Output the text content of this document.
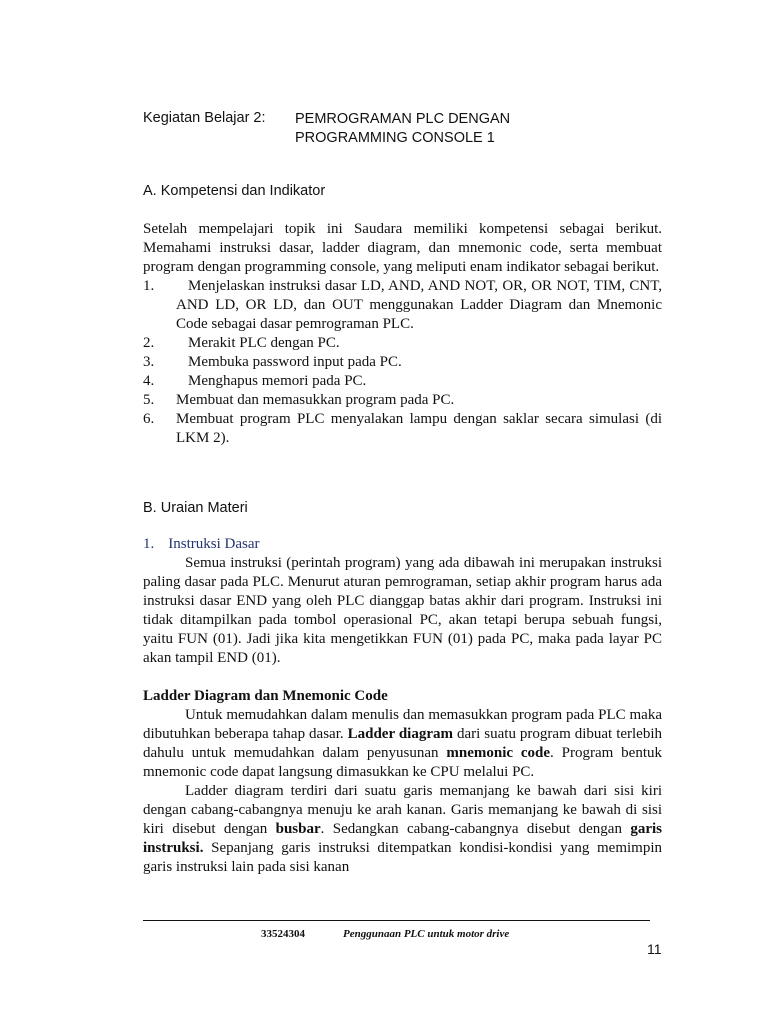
Kegiatan Belajar 2: PEMROGRAMAN PLC DENGAN
PROGRAMMING CONSOLE 1
A. Kompetensi dan Indikator

Setelah mempelajari topik ini Saudara memiliki kompetensi sebagai berikut. Memahami instruksi dasar, ladder diagram, dan mnemonic code, serta membuat program dengan programming console, yang meliputi enam indikator sebagai berikut.

1. Menjelaskan instruksi dasar LD, AND, AND NOT, OR, OR NOT, TIM, CNT, AND LD, OR LD, dan OUT menggunakan Ladder Diagram dan Mnemonic Code sebagai dasar pemrograman PLC.
2. Merakit PLC dengan PC.
3. Membuka password input pada PC.
4. Menghapus memori pada PC.
5. Membuat dan memasukkan program pada PC.
6. Membuat program PLC menyalakan lampu dengan saklar secara simulasi (di LKM 2).
B. Uraian Materi

1. Instruksi Dasar

Semua instruksi (perintah program) yang ada dibawah ini merupakan instruksi paling dasar pada PLC. Menurut aturan pemrograman, setiap akhir program harus ada instruksi dasar END yang oleh PLC dianggap batas akhir dari program. Instruksi ini tidak ditampilkan pada tombol operasional PC, akan tetapi berupa sebuah fungsi, yaitu FUN (01). Jadi jika kita mengetikkan FUN (01) pada PC, maka pada layar PC akan tampil END (01).

Ladder Diagram dan Mnemonic Code

Untuk memudahkan dalam menulis dan memasukkan program pada PLC maka dibutuhkan beberapa tahap dasar. Ladder diagram dari suatu program dibuat terlebih dahulu untuk memudahkan dalam penyusunan mnemonic code. Program bentuk mnemonic code dapat langsung dimasukkan ke CPU melalui PC.

Ladder diagram terdiri dari suatu garis memanjang ke bawah dari sisi kiri dengan cabang-cabangnya menuju ke arah kanan. Garis memanjang ke bawah di sisi kiri disebut dengan busbar. Sedangkan cabang-cabangnya disebut dengan garis instruksi. Sepanjang garis instruksi ditempatkan kondisi-kondisi yang memimpin garis instruksi lain pada sisi kanan

33524304	Penggunaan PLC untuk motor drive
11
